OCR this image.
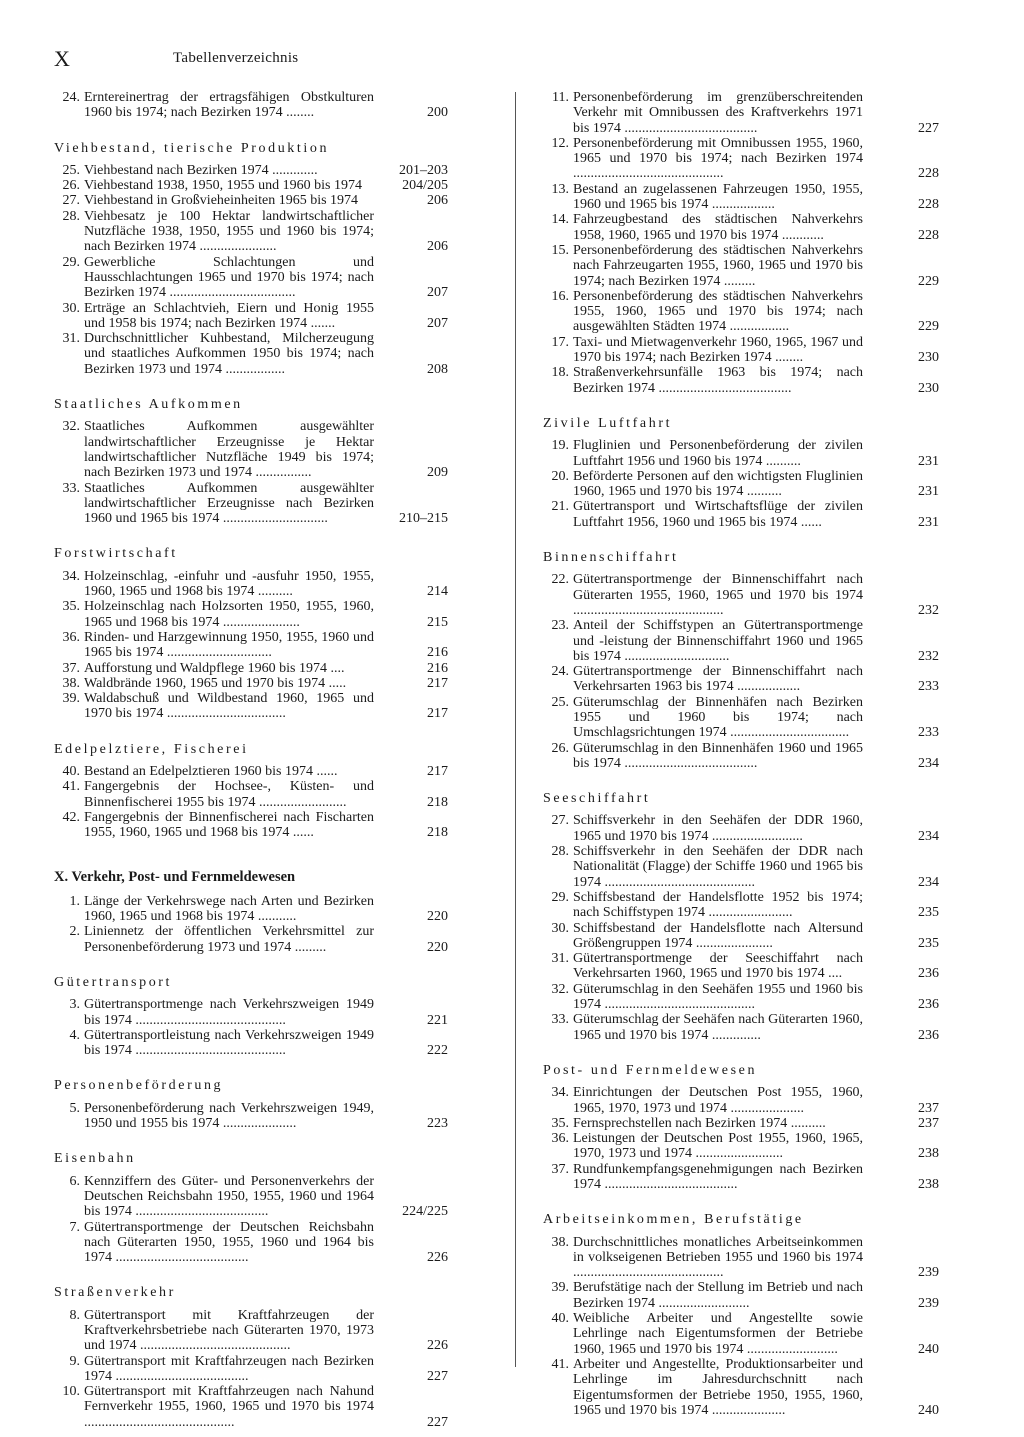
X	Tabellenverzeichnis
24. Erntereinertrag der ertragsfähigen Obstkulturen 1960 bis 1974; nach Bezirken 1974 ........	200
Viehbestand, tierische Produktion
25. Viehbestand nach Bezirken 1974 .............	201–203
26. Viehbestand 1938, 1950, 1955 und 1960 bis 1974	204/205
27. Viehbestand in Großvieheinheiten 1965 bis 1974	206
28. Viehbesatz je 100 Hektar landwirtschaftlicher Nutzfläche 1938, 1950, 1955 und 1960 bis 1974; nach Bezirken 1974 ......................	206
29. Gewerbliche Schlachtungen und Hausschlachtungen 1965 und 1970 bis 1974; nach Bezirken 1974 ....................................	207
30. Erträge an Schlachtvieh, Eiern und Honig 1955 und 1958 bis 1974; nach Bezirken 1974 .......	207
31. Durchschnittlicher Kuhbestand, Milcherzeugung und staatliches Aufkommen 1950 bis 1974; nach Bezirken 1973 und 1974 .................	208
Staatliches Aufkommen
32. Staatliches Aufkommen ausgewählter landwirtschaftlicher Erzeugnisse je Hektar landwirtschaftlicher Nutzfläche 1949 bis 1974; nach Bezirken 1973 und 1974 ................	209
33. Staatliches Aufkommen ausgewählter landwirtschaftlicher Erzeugnisse nach Bezirken 1960 und 1965 bis 1974 ..............................	210–215
Forstwirtschaft
34. Holzeinschlag, -einfuhr und -ausfuhr 1950, 1955, 1960, 1965 und 1968 bis 1974 ..........	214
35. Holzeinschlag nach Holzsorten 1950, 1955, 1960, 1965 und 1968 bis 1974 ......................	215
36. Rinden- und Harzgewinnung 1950, 1955, 1960 und 1965 bis 1974 ..............................	216
37. Aufforstung und Waldpflege 1960 bis 1974 ....	216
38. Waldbrände 1960, 1965 und 1970 bis 1974 .....	217
39. Waldabschuß und Wildbestand 1960, 1965 und 1970 bis 1974 ..................................	217
Edelpelztiere, Fischerei
40. Bestand an Edelpelztieren 1960 bis 1974 ......	217
41. Fangergebnis der Hochsee-, Küsten- und Binnenfischerei 1955 bis 1974 .........................	218
42. Fangergebnis der Binnenfischerei nach Fischarten 1955, 1960, 1965 und 1968 bis 1974 ......	218
X. Verkehr, Post- und Fernmeldewesen
1. Länge der Verkehrswege nach Arten und Bezirken 1960, 1965 und 1968 bis 1974 ...........	220
2. Liniennetz der öffentlichen Verkehrsmittel zur Personenbeförderung 1973 und 1974 .........	220
Gütertransport
3. Gütertransportmenge nach Verkehrszweigen 1949 bis 1974 ...........................................	221
4. Gütertransportleistung nach Verkehrszweigen 1949 bis 1974 ...........................................	222
Personenbeförderung
5. Personenbeförderung nach Verkehrszweigen 1949, 1950 und 1955 bis 1974 .....................	223
Eisenbahn
6. Kennziffern des Güter- und Personenverkehrs der Deutschen Reichsbahn 1950, 1955, 1960 und 1964 bis 1974 ......................................	224/225
7. Gütertransportmenge der Deutschen Reichsbahn nach Güterarten 1950, 1955, 1960 und 1964 bis 1974 ......................................	226
Straßenverkehr
8. Gütertransport mit Kraftfahrzeugen der Kraftverkehrsbetriebe nach Güterarten 1970, 1973 und 1974 ...........................................	226
9. Gütertransport mit Kraftfahrzeugen nach Bezirken 1974 ......................................	227
10. Gütertransport mit Kraftfahrzeugen nach Nahund Fernverkehr 1955, 1960, 1965 und 1970 bis 1974 ...........................................	227
11. Personenbeförderung im grenzüberschreitenden Verkehr mit Omnibussen des Kraftverkehrs 1971 bis 1974 ......................................	227
12. Personenbeförderung mit Omnibussen 1955, 1960, 1965 und 1970 bis 1974; nach Bezirken 1974 ...........................................	228
13. Bestand an zugelassenen Fahrzeugen 1950, 1955, 1960 und 1965 bis 1974 ..................	228
14. Fahrzeugbestand des städtischen Nahverkehrs 1958, 1960, 1965 und 1970 bis 1974 ............	228
15. Personenbeförderung des städtischen Nahverkehrs nach Fahrzeugarten 1955, 1960, 1965 und 1970 bis 1974; nach Bezirken 1974 .........	229
16. Personenbeförderung des städtischen Nahverkehrs 1955, 1960, 1965 und 1970 bis 1974; nach ausgewählten Städten 1974 .................	229
17. Taxi- und Mietwagenverkehr 1960, 1965, 1967 und 1970 bis 1974; nach Bezirken 1974 ........	230
18. Straßenverkehrsunfälle 1963 bis 1974; nach Bezirken 1974 ......................................	230
Zivile Luftfahrt
19. Fluglinien und Personenbeförderung der zivilen Luftfahrt 1956 und 1960 bis 1974 ..........	231
20. Beförderte Personen auf den wichtigsten Fluglinien 1960, 1965 und 1970 bis 1974 ..........	231
21. Gütertransport und Wirtschaftsflüge der zivilen Luftfahrt 1956, 1960 und 1965 bis 1974 ......	231
Binnenschiffahrt
22. Gütertransportmenge der Binnenschiffahrt nach Güterarten 1955, 1960, 1965 und 1970 bis 1974 ...........................................	232
23. Anteil der Schiffstypen an Gütertransportmenge und -leistung der Binnenschiffahrt 1960 und 1965 bis 1974 ..............................	232
24. Gütertransportmenge der Binnenschiffahrt nach Verkehrsarten 1963 bis 1974 ..................	233
25. Güterumschlag der Binnenhäfen nach Bezirken 1955 und 1960 bis 1974; nach Umschlagsrichtungen 1974 ..................................	233
26. Güterumschlag in den Binnenhäfen 1960 und 1965 bis 1974 ......................................	234
Seeschiffahrt
27. Schiffsverkehr in den Seehäfen der DDR 1960, 1965 und 1970 bis 1974 ..........................	234
28. Schiffsverkehr in den Seehäfen der DDR nach Nationalität (Flagge) der Schiffe 1960 und 1965 bis 1974 ...........................................	234
29. Schiffsbestand der Handelsflotte 1952 bis 1974; nach Schiffstypen 1974 ........................	235
30. Schiffsbestand der Handelsflotte nach Altersund Größengruppen 1974 ......................	235
31. Gütertransportmenge der Seeschiffahrt nach Verkehrsarten 1960, 1965 und 1970 bis 1974 ....	236
32. Güterumschlag in den Seehäfen 1955 und 1960 bis 1974 ...........................................	236
33. Güterumschlag der Seehäfen nach Güterarten 1960, 1965 und 1970 bis 1974 ..............	236
Post- und Fernmeldewesen
34. Einrichtungen der Deutschen Post 1955, 1960, 1965, 1970, 1973 und 1974 .....................	237
35. Fernsprechstellen nach Bezirken 1974 ..........	237
36. Leistungen der Deutschen Post 1955, 1960, 1965, 1970, 1973 und 1974 .........................	238
37. Rundfunkempfangsgenehmigungen nach Bezirken 1974 ......................................	238
Arbeitseinkommen, Berufstätige
38. Durchschnittliches monatliches Arbeitseinkommen in volkseigenen Betrieben 1955 und 1960 bis 1974 ...........................................	239
39. Berufstätige nach der Stellung im Betrieb und nach Bezirken 1974 ..........................	239
40. Weibliche Arbeiter und Angestellte sowie Lehrlinge nach Eigentumsformen der Betriebe 1960, 1965 und 1970 bis 1974 ..........................	240
41. Arbeiter und Angestellte, Produktionsarbeiter und Lehrlinge im Jahresdurchschnitt nach Eigentumsformen der Betriebe 1950, 1955, 1960, 1965 und 1970 bis 1974 .....................	240
